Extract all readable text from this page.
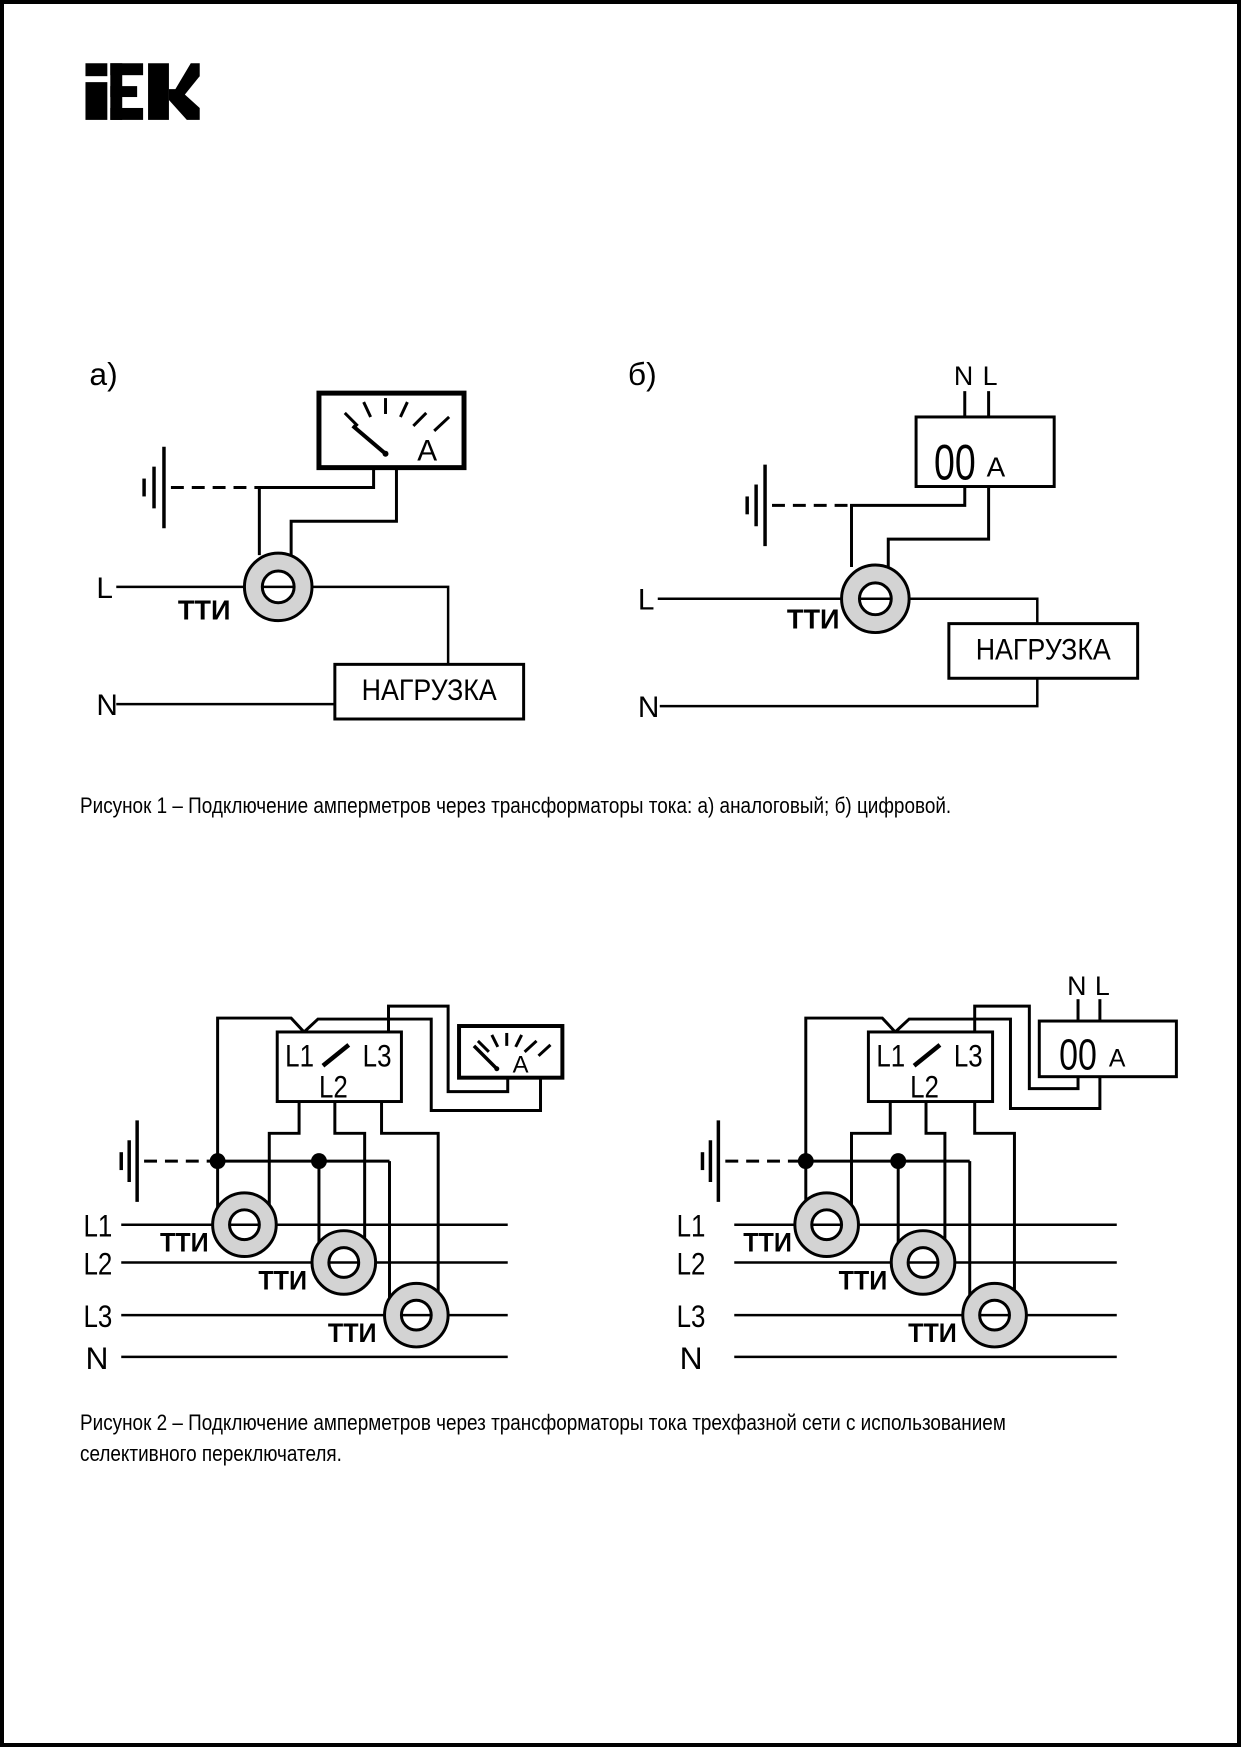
а)
L
N
ТТИ
A
НАГРУЗКА
б)	N L
00 А
L
N
ТТИ
НАГРУЗКА
L1
L2
L3
N
L1 L3
L2
A
ТТИ
ТТИ
ТТИ
L1
L2
L3
N
L1 L3
L2
N L
00 А
ТТИ
ТТИ
ТТИ
Рисунок 1 – Подключение амперметров через трансформаторы тока: а) аналоговый; б) цифровой.
Рисунок 2 – Подключение амперметров через трансформаторы тока трехфазной сети с использованием
селективного переключателя.
